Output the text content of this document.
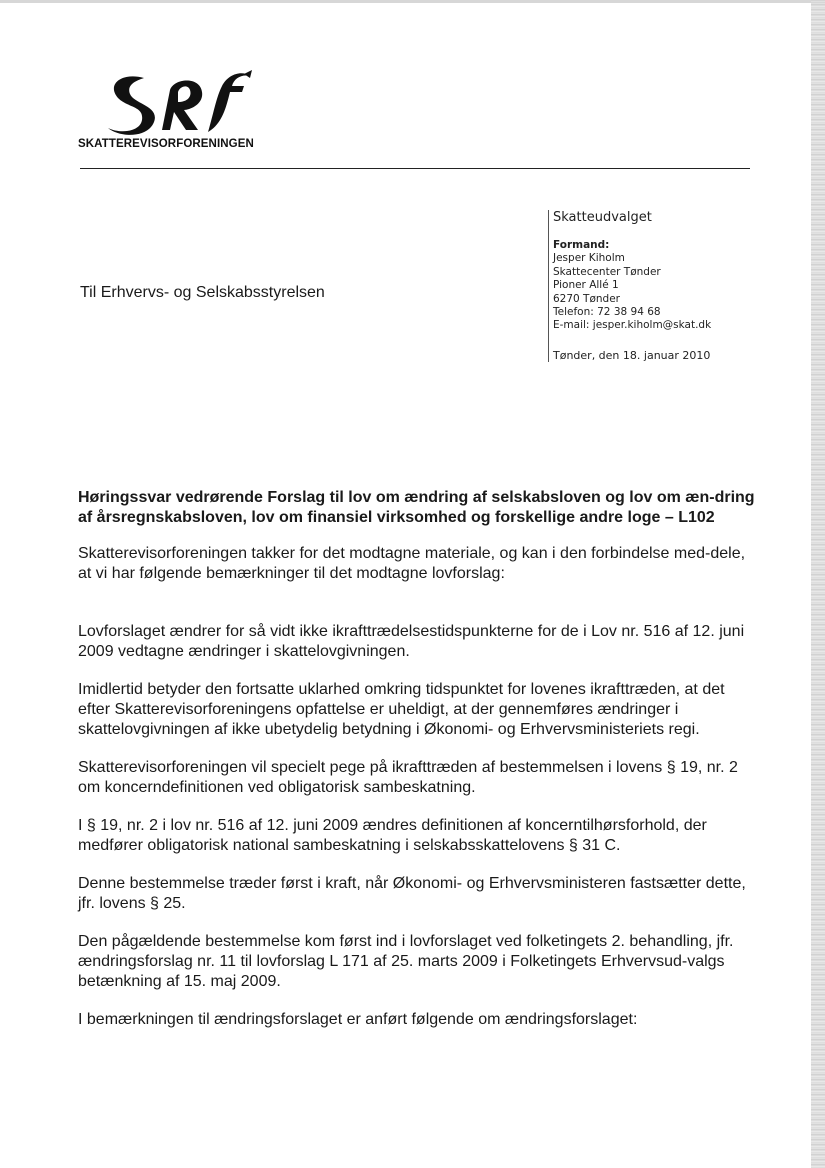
SKATTEREVISORFORENINGEN
Skatteudvalget
Formand:
Jesper Kiholm
Skattecenter Tønder
Pioner Allé 1
6270 Tønder
Telefon: 72 38 94 68
E-mail: jesper.kiholm@skat.dk
Tønder, den 18. januar 2010
Til Erhvervs- og Selskabsstyrelsen

Høringssvar vedrørende Forslag til lov om ændring af selskabsloven og lov om æn-dring af årsregnskabsloven, lov om finansiel virksomhed og forskellige andre loge – L102

Skatterevisorforeningen takker for det modtagne materiale, og kan i den forbindelse med-dele, at vi har følgende bemærkninger til det modtagne lovforslag:

Lovforslaget ændrer for så vidt ikke ikrafttrædelsestidspunkterne for de i Lov nr. 516 af 12. juni 2009 vedtagne ændringer i skattelovgivningen.

Imidlertid betyder den fortsatte uklarhed omkring tidspunktet for lovenes ikrafttræden, at det efter Skatterevisorforeningens opfattelse er uheldigt, at der gennemføres ændringer i skattelovgivningen af ikke ubetydelig betydning i Økonomi- og Erhvervsministeriets regi.

Skatterevisorforeningen vil specielt pege på ikrafttræden af bestemmelsen i lovens § 19, nr. 2 om koncerndefinitionen ved obligatorisk sambeskatning.

I § 19, nr. 2 i lov nr. 516 af 12. juni 2009 ændres definitionen af koncerntilhørsforhold, der medfører obligatorisk national sambeskatning i selskabsskattelovens § 31 C.

Denne bestemmelse træder først i kraft, når Økonomi- og Erhvervsministeren fastsætter dette, jfr. lovens § 25.

Den pågældende bestemmelse kom først ind i lovforslaget ved folketingets 2. behandling, jfr. ændringsforslag nr. 11 til lovforslag L 171 af 25. marts 2009 i Folketingets Erhvervsud-valgs betænkning af 15. maj 2009.

I bemærkningen til ændringsforslaget er anført følgende om ændringsforslaget:
